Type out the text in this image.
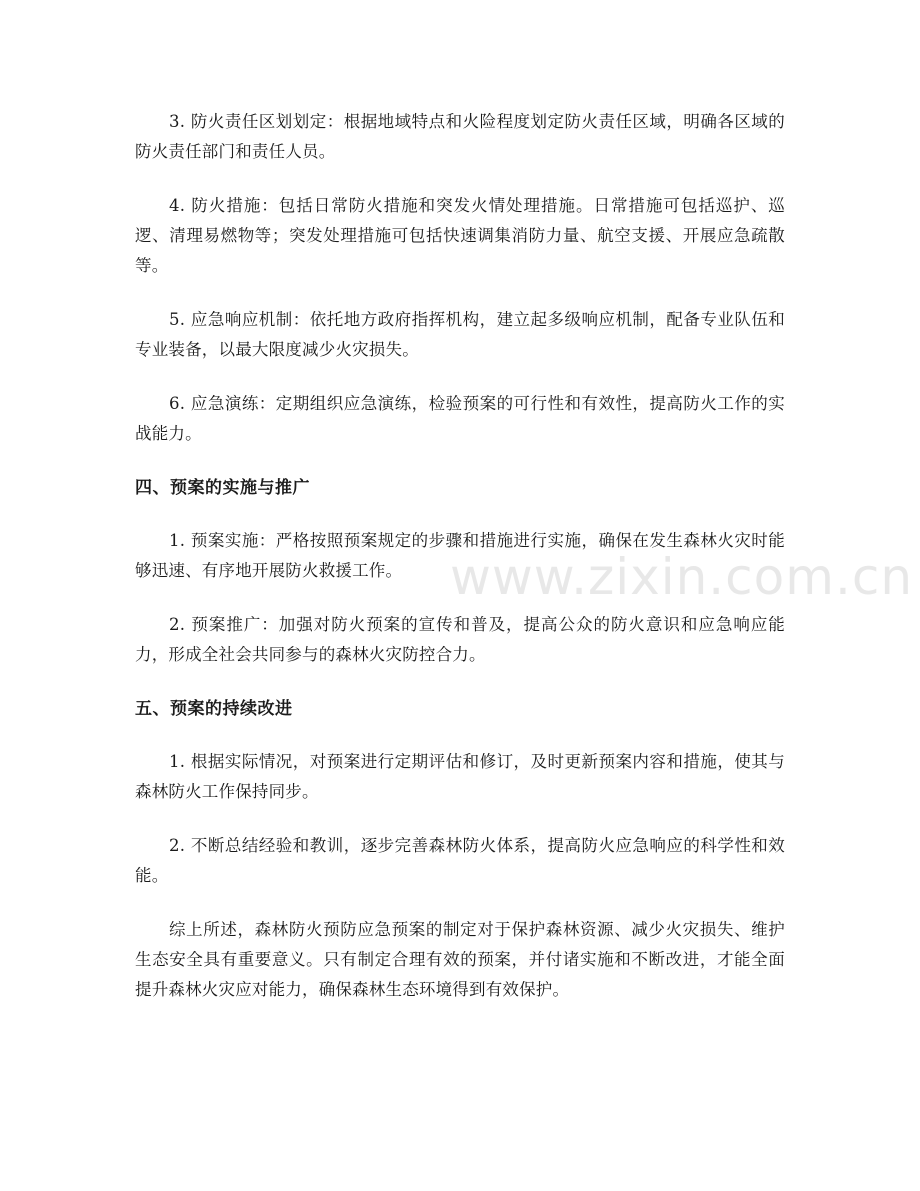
3. 防火责任区划划定：根据地域特点和火险程度划定防火责任区域，明确各区域的防火责任部门和责任人员。

4. 防火措施：包括日常防火措施和突发火情处理措施。日常措施可包括巡护、巡逻、清理易燃物等；突发处理措施可包括快速调集消防力量、航空支援、开展应急疏散等。

5. 应急响应机制：依托地方政府指挥机构，建立起多级响应机制，配备专业队伍和专业装备，以最大限度减少火灾损失。

6. 应急演练：定期组织应急演练，检验预案的可行性和有效性，提高防火工作的实战能力。

四、预案的实施与推广

1. 预案实施：严格按照预案规定的步骤和措施进行实施，确保在发生森林火灾时能够迅速、有序地开展防火救援工作。

2. 预案推广：加强对防火预案的宣传和普及，提高公众的防火意识和应急响应能力，形成全社会共同参与的森林火灾防控合力。

五、预案的持续改进

1. 根据实际情况，对预案进行定期评估和修订，及时更新预案内容和措施，使其与森林防火工作保持同步。

2. 不断总结经验和教训，逐步完善森林防火体系，提高防火应急响应的科学性和效能。

综上所述，森林防火预防应急预案的制定对于保护森林资源、减少火灾损失、维护生态安全具有重要意义。只有制定合理有效的预案，并付诸实施和不断改进，才能全面提升森林火灾应对能力，确保森林生态环境得到有效保护。

www.zixin.com.cn
